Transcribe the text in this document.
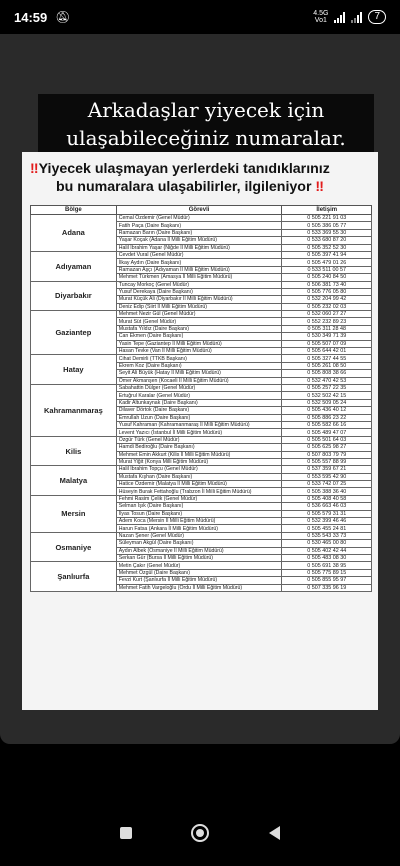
14:59 🔕︎	4.5G
Vo1	7
Arkadaşlar yiyecek için
ulaşabileceğiniz numaralar.
‼Yiyecek ulaşmayan yerlerdeki tanıdıklarınız
bu numaralara ulaşabilirler, ilgileniyor ‼
Bölge	Görevli	İletişim
Adana	Cemal Özdemir (Genel Müdür)	0 505 221 91 03
	Fatih Paça (Daire Başkanı)	0 505 386 05 77
	Ramazan Barın (Daire Başkanı)	0 533 369 55 30
	Yaşar Koçak (Adana İl Milli Eğitim Müdürü)	0 533 680 87 20
	Halil İbrahim Yaşar (Niğde İl Milli Eğitim Müdürü)	0 505 352 52 30
Adıyaman	Cevdet Vural (Genel Müdür)	0 505 397 41 94
	İlkay Aydın (Daire Başkanı)	0 505 479 01 26
	Ramazan Aşçı (Adıyaman İl Milli Eğitim Müdürü)	0 533 511 00 57
	Mehmet Türkmen (Amasya İl Milli Eğitim Müdürü)	0 505 240 84 50
Diyarbakır	Tuncay Morkoç (Genel Müdür)	0 506 381 73 40
	Yusuf Derekaya (Daire Başkanı)	0 505 776 05 80
	Murat Küçük Ali (Diyarbakır İl Milli Eğitim Müdürü)	0 532 204 99 42
	Deniz Edip (Siirt İl Milli Eğitim Müdürü)	0 505 232 02 03
Gaziantep	Mehmet Nezir Gül (Genel Müdür)	0 532 060 27 27
	Murat Süt (Genel Müdür)	0 552 232 89 23
	Mustafa Yıldız (Daire Başkanı)	0 505 311 28 48
	Can Ekmen (Daire Başkanı)	0 530 349 71 39
	Yasin Tepe (Gaziantep İl Milli Eğitim Müdürü)	0 505 507 07 09
	Hasan Tevke (Van İl Milli Eğitim Müdürü)	0 505 644 42 01
Hatay	Cihat Demirli (TTKB Başkanı)	0 505 327 44 55
	Ekrem Koz (Daire Başkanı)	0 505 261 08 50
	Seyit Ali Büyük (Hatay İl Milli Eğitim Müdürü)	0 505 808 38 66
	Ömer Akmanşen (Kocaeli İl Milli Eğitim Müdürü)	0 532 470 42 53
Kahramanmaraş	Sabahattin Dülger (Genel Müdür)	0 505 257 22 35
	Ertuğrul Karalar (Genel Müdür)	0 532 502 42 15
	Kadir Altunkaynak (Daire Başkanı)	0 532 509 05 24
	Dilaver Dörtok (Daire Başkanı)	0 505 436 40 12
	Emrullah Uzun (Daire Başkanı)	0 505 886 23 22
	Yusuf Kahraman (Kahramanmaraş İl Milli Eğitim Müdürü)	0 505 582 66 16
	Levent Yazıcı (İstanbul İl Milli Eğitim Müdürü)	0 505 489 47 07
Kilis	Özgür Türk (Genel Müdür)	0 505 501 64 03
	Hamdi Bediroğlu (Daire Başkanı)	0 505 625 98 27
	Mehmet Emin Akkurt (Kilis İl Milli Eğitim Müdürü)	0 507 803 79 79
	Murat Yiğit (Konya Milli Eğitim Müdürü)	0 505 557 88 99
Malatya	Halil İbrahim Topçu (Genel Müdür)	0 537 359 67 21
	Mustafa Kışhan (Daire Başkanı)	0 553 595 42 90
	Hatice Özdemir (Malatya İl Milli Eğitim Müdürü)	0 533 742 07 25
	Hüseyin Burak Fettahoğlu (Trabzon İl Milli Eğitim Müdürü)	0 505 388 36 40
Mersin	Fehmi Rasim Çelik (Genel Müdür)	0 505 408 40 58
	Selman Işık (Daire Başkanı)	0 536 663 46 03
	İlyas Tosun (Daire Başkanı)	0 505 579 31 31
	Adem Koca (Mersin İl Milli Eğitim Müdürü)	0 532 399 46 46
	Harun Fatsa (Ankara İl Milli Eğitim Müdürü)	0 505 455 24 81
Osmaniye	Nazan Şener (Genel Müdür)	0 535 543 33 73
	Süleyman Akgül (Daire Başkanı)	0 530 465 00 80
	Aydın Albek (Osmaniye İl Milli Eğitim Müdürü)	0 505 402 42 44
	Serkan Gür (Bursa İl Milli Eğitim Müdürü)	0 505 483 08 30
Şanlıurfa	Metin Çakır (Genel Müdür)	0 505 691 38 95
	Mehmet Özgül (Daire Başkanı)	0 505 775 89 15
	Fevzi Kurt (Şanlıurfa İl Milli Eğitim Müdürü)	0 505 855 95 97
	Mehmet Fatih Vargeloğlu (Ordu İl Milli Eğitim Müdürü)	0 507 335 96 19
